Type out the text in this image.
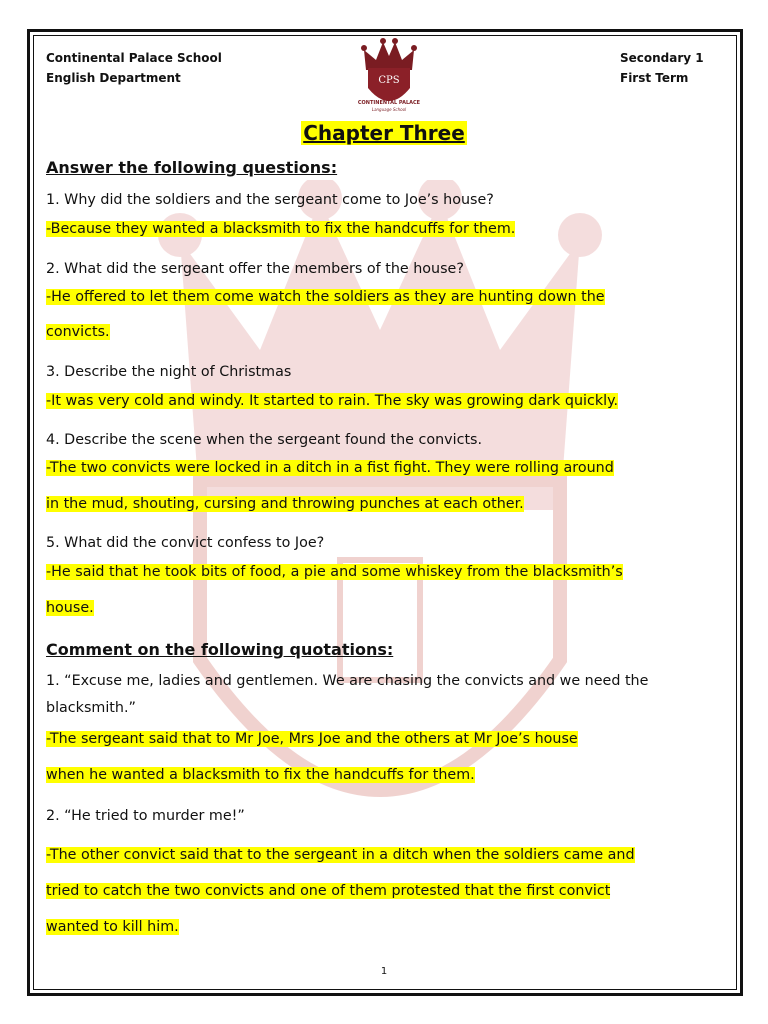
Continental Palace School
English Department
Secondary 1
First Term
CPS
CONTINENTAL PALACE
Language School
Chapter Three
Answer the following questions:
1. Why did the soldiers and the sergeant come to Joe’s house?
-Because they wanted a blacksmith to fix the handcuffs for them.
2. What did the sergeant offer the members of the house?
-He offered to let them come watch the soldiers as they are hunting down the
convicts.
3. Describe the night of Christmas
-It was very cold and windy. It started to rain. The sky was growing dark quickly.
4. Describe the scene when the sergeant found the convicts.
-The two convicts were locked in a ditch in a fist fight. They were rolling around
in the mud, shouting, cursing and throwing punches at each other.
5. What did the convict confess to Joe?
-He said that he took bits of food, a pie and some whiskey from the blacksmith’s
house.
Comment on the following quotations:
1. “Excuse me, ladies and gentlemen. We are chasing the convicts and we need the
blacksmith.”
-The sergeant said that to Mr Joe, Mrs Joe and the others at Mr Joe’s house
when he wanted a blacksmith to fix the handcuffs for them.
2. “He tried to murder me!”
-The other convict said that to the sergeant in a ditch when the soldiers came and
tried to catch the two convicts and one of them protested that the first convict
wanted to kill him.
1
